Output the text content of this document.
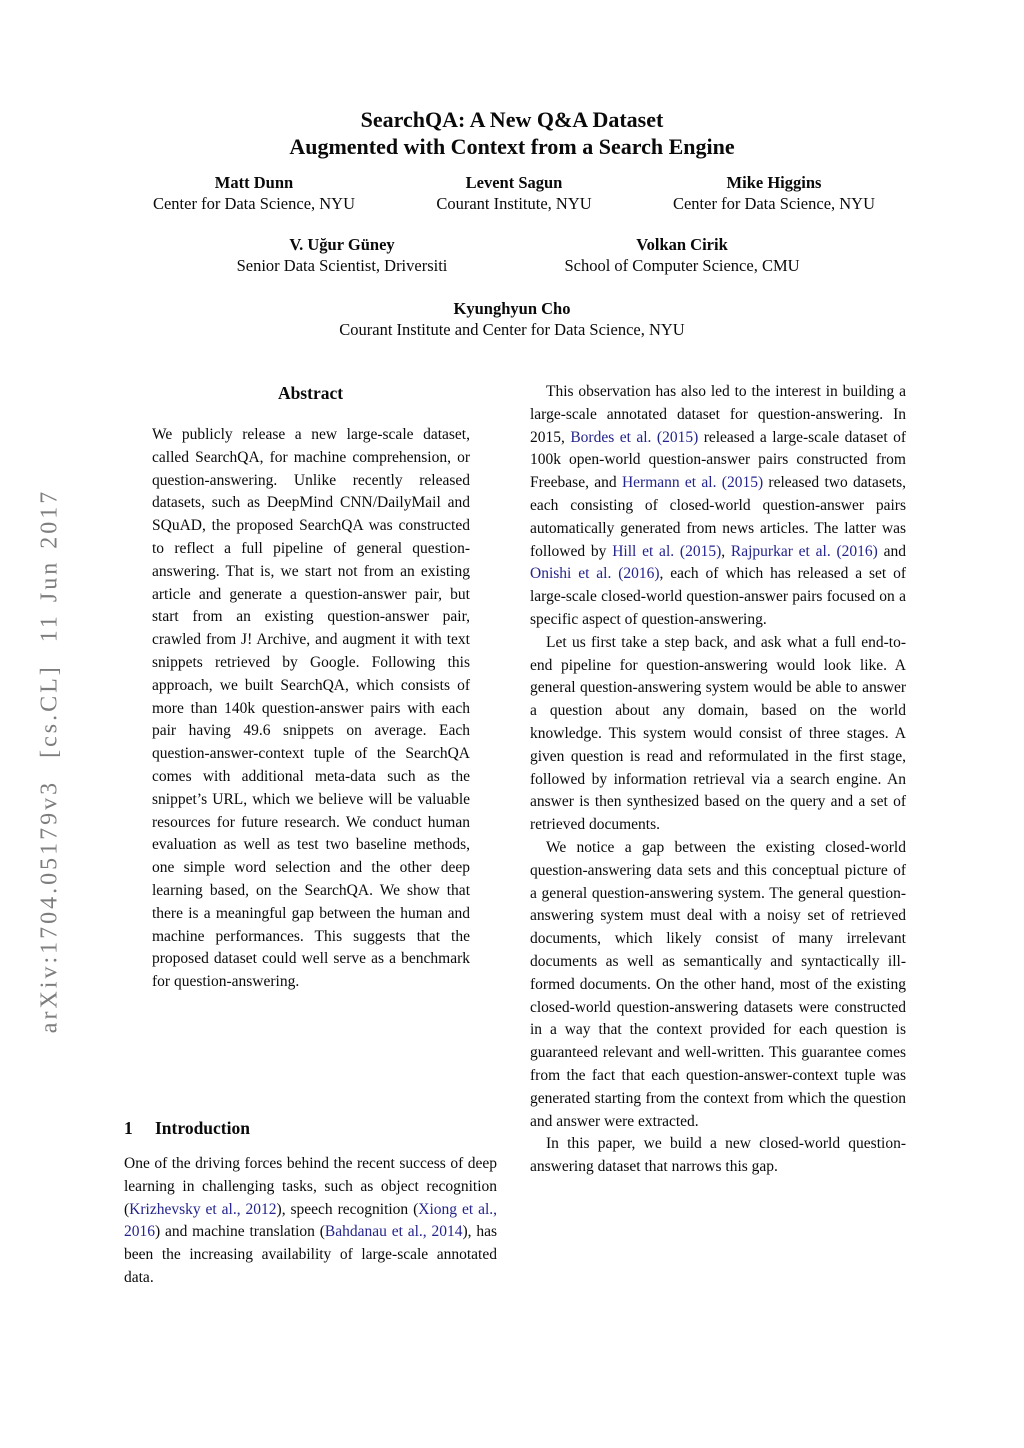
arXiv:1704.05179v3  [cs.CL]  11 Jun 2017
SearchQA: A New Q&A Dataset
Augmented with Context from a Search Engine
Matt Dunn
Center for Data Science, NYU
Levent Sagun
Courant Institute, NYU
Mike Higgins
Center for Data Science, NYU
V. Uğur Güney
Senior Data Scientist, Driversiti
Volkan Cirik
School of Computer Science, CMU
Kyunghyun Cho
Courant Institute and Center for Data Science, NYU
Abstract
We publicly release a new large-scale dataset, called SearchQA, for machine comprehension, or question-answering. Unlike recently released datasets, such as DeepMind CNN/DailyMail and SQuAD, the proposed SearchQA was constructed to reflect a full pipeline of general question-answering. That is, we start not from an existing article and generate a question-answer pair, but start from an existing question-answer pair, crawled from J! Archive, and augment it with text snippets retrieved by Google. Following this approach, we built SearchQA, which consists of more than 140k question-answer pairs with each pair having 49.6 snippets on average. Each question-answer-context tuple of the SearchQA comes with additional meta-data such as the snippet’s URL, which we believe will be valuable resources for future research. We conduct human evaluation as well as test two baseline methods, one simple word selection and the other deep learning based, on the SearchQA. We show that there is a meaningful gap between the human and machine performances. This suggests that the proposed dataset could well serve as a benchmark for question-answering.
1 Introduction
One of the driving forces behind the recent success of deep learning in challenging tasks, such as object recognition (Krizhevsky et al., 2012), speech recognition (Xiong et al., 2016) and machine translation (Bahdanau et al., 2014), has been the increasing availability of large-scale annotated data.

This observation has also led to the interest in building a large-scale annotated dataset for question-answering. In 2015, Bordes et al. (2015) released a large-scale dataset of 100k open-world question-answer pairs constructed from Freebase, and Hermann et al. (2015) released two datasets, each consisting of closed-world question-answer pairs automatically generated from news articles. The latter was followed by Hill et al. (2015), Rajpurkar et al. (2016) and Onishi et al. (2016), each of which has released a set of large-scale closed-world question-answer pairs focused on a specific aspect of question-answering.

Let us first take a step back, and ask what a full end-to-end pipeline for question-answering would look like. A general question-answering system would be able to answer a question about any domain, based on the world knowledge. This system would consist of three stages. A given question is read and reformulated in the first stage, followed by information retrieval via a search engine. An answer is then synthesized based on the query and a set of retrieved documents.

We notice a gap between the existing closed-world question-answering data sets and this conceptual picture of a general question-answering system. The general question-answering system must deal with a noisy set of retrieved documents, which likely consist of many irrelevant documents as well as semantically and syntactically ill-formed documents. On the other hand, most of the existing closed-world question-answering datasets were constructed in a way that the context provided for each question is guaranteed relevant and well-written. This guarantee comes from the fact that each question-answer-context tuple was generated starting from the context from which the question and answer were extracted.

In this paper, we build a new closed-world question-answering dataset that narrows this gap.
